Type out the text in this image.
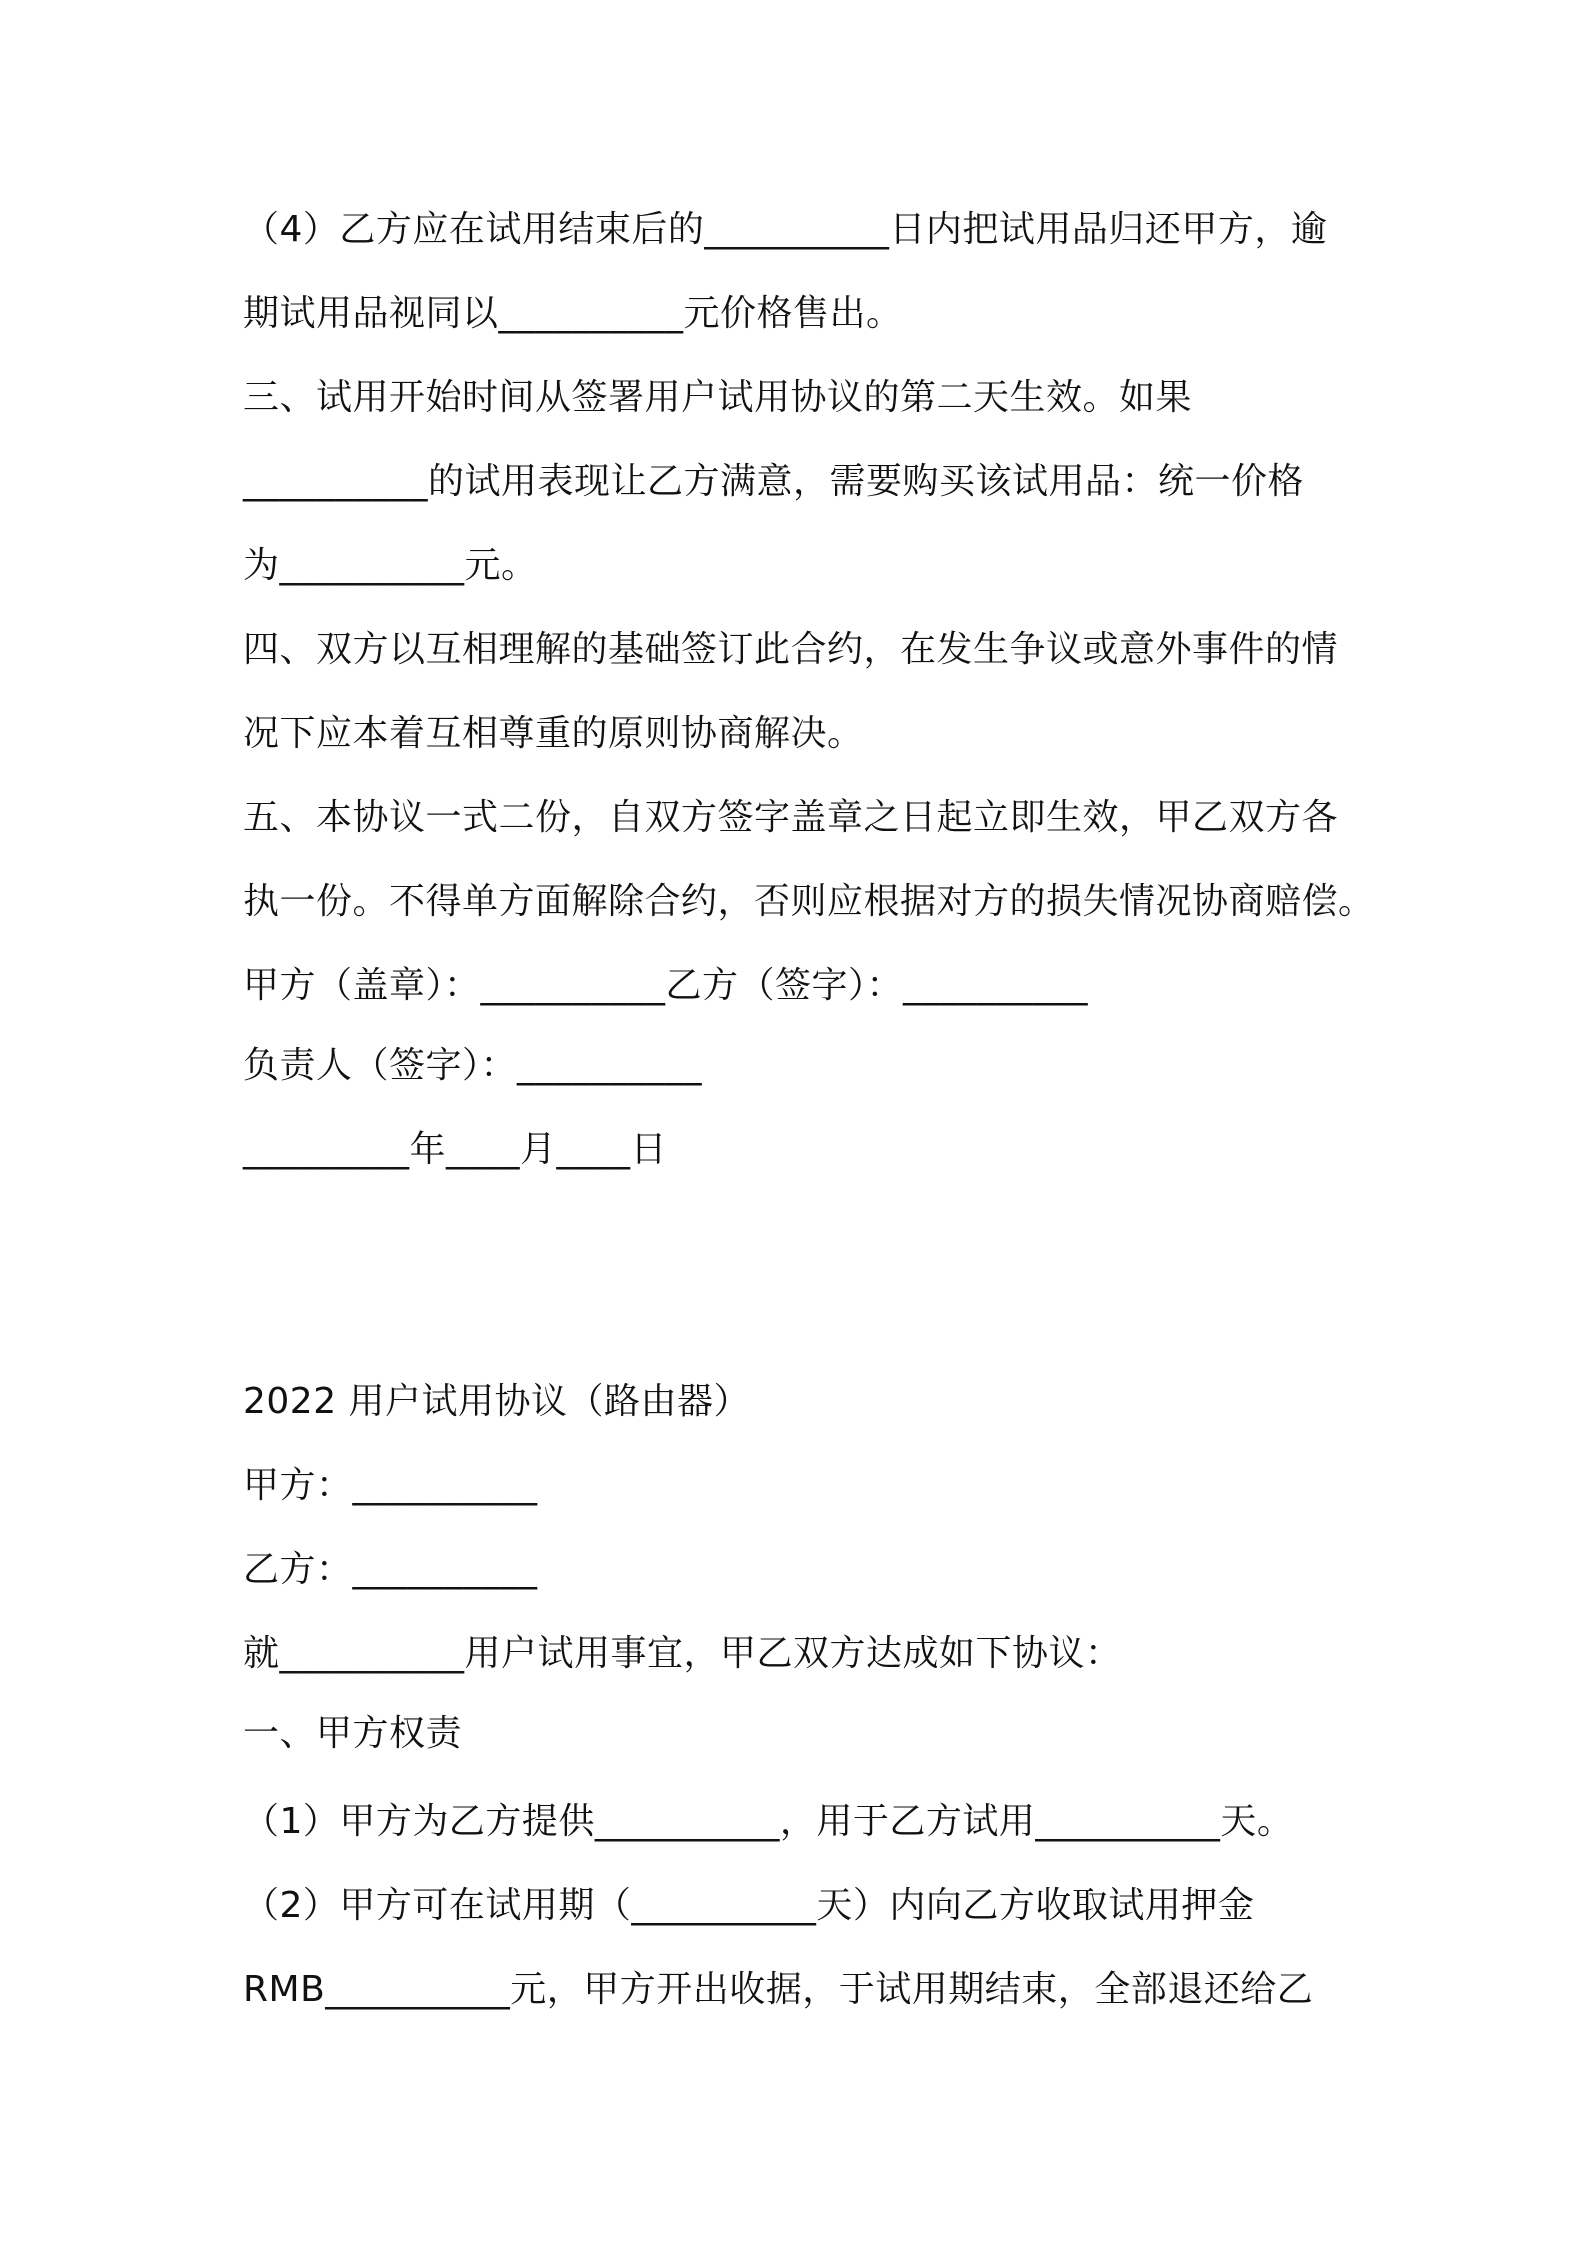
（4）乙方应在试用结束后的__________日内把试用品归还甲方，逾

期试用品视同以__________元价格售出。

三、试用开始时间从签署用户试用协议的第二天生效。如果

__________的试用表现让乙方满意，需要购买该试用品：统一价格

为__________元。

四、双方以互相理解的基础签订此合约，在发生争议或意外事件的情

况下应本着互相尊重的原则协商解决。

五、本协议一式二份，自双方签字盖章之日起立即生效，甲乙双方各

执一份。不得单方面解除合约，否则应根据对方的损失情况协商赔偿。

甲方（盖章）：__________乙方（签字）：__________

负责人（签字）：__________

_________年____月____日

2022 用户试用协议（路由器）

甲方：__________

乙方：__________

就__________用户试用事宜，甲乙双方达成如下协议：

一、甲方权责

（1）甲方为乙方提供__________，用于乙方试用__________天。

（2）甲方可在试用期（__________天）内向乙方收取试用押金

RMB__________元，甲方开出收据，于试用期结束，全部退还给乙
